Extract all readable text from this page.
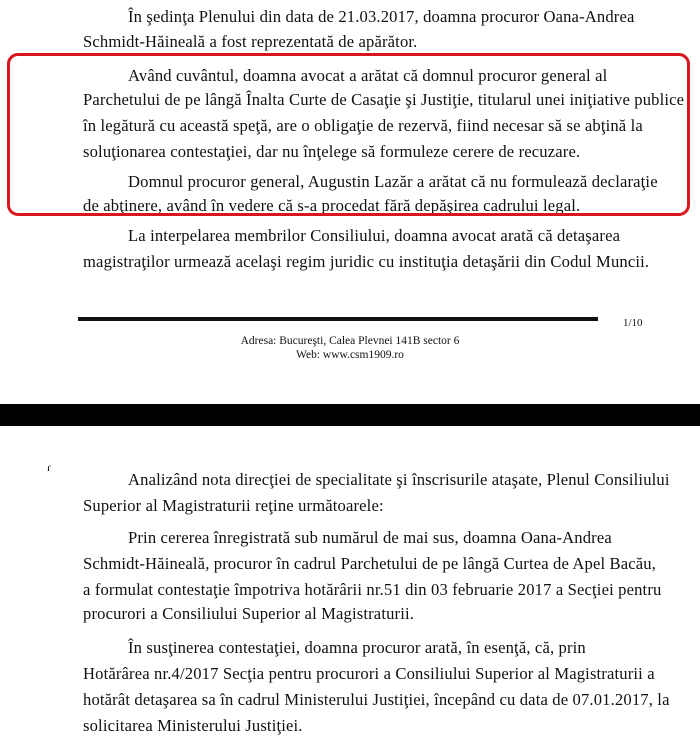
În şedinţa Plenului din data de 21.03.2017, doamna procuror Oana-Andrea
Schmidt-Hăineală a fost reprezentată de apărător.
Având cuvântul, doamna avocat a arătat că domnul procuror general al
Parchetului de pe lângă Înalta Curte de Casaţie şi Justiţie, titularul unei iniţiative publice
în legătură cu această speţă, are o obligaţie de rezervă, fiind necesar să se abţină la
soluţionarea contestaţiei, dar nu înţelege să formuleze cerere de recuzare.
Domnul procuror general, Augustin Lazăr a arătat că nu formulează declaraţie
de abţinere, având în vedere că s-a procedat fără depăşirea cadrului legal.
La interpelarea membrilor Consiliului, doamna avocat arată că detaşarea
magistraţilor urmează acelaşi regim juridic cu instituţia detaşării din Codul Muncii.
1/10
Adresa: Bucureşti, Calea Plevnei 141B sector 6
Web: www.csm1909.ro
ɾ
Analizând nota direcţiei de specialitate şi înscrisurile ataşate, Plenul Consiliului
Superior al Magistraturii reţine următoarele:
Prin cererea înregistrată sub numărul de mai sus, doamna Oana-Andrea
Schmidt-Hăineală, procuror în cadrul Parchetului de pe lângă Curtea de Apel Bacău,
a formulat contestaţie împotriva hotărârii nr.51 din 03 februarie 2017 a Secţiei pentru
procurori a Consiliului Superior al Magistraturii.
În susţinerea contestaţiei, doamna procuror arată, în esenţă, că, prin
Hotărârea nr.4/2017 Secţia pentru procurori a Consiliului Superior al Magistraturii a
hotărât detaşarea sa în cadrul Ministerului Justiţiei, începând cu data de 07.01.2017, la
solicitarea Ministerului Justiţiei.
